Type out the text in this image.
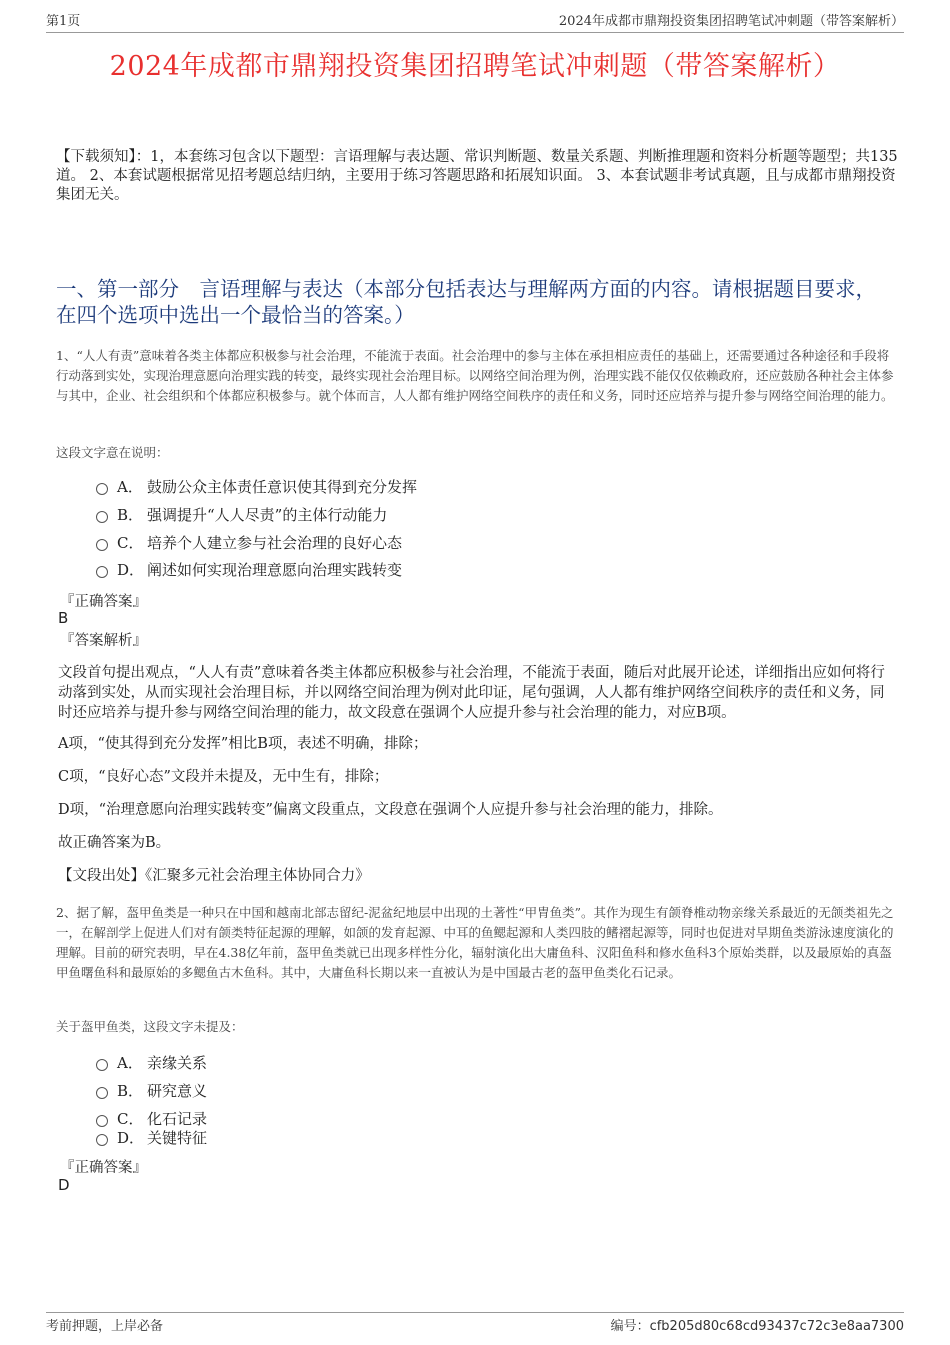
第1页	2024年成都市鼎翔投资集团招聘笔试冲刺题（带答案解析）
2024年成都市鼎翔投资集团招聘笔试冲刺题（带答案解析）
【下载须知】：1，本套练习包含以下题型：言语理解与表达题、常识判断题、数量关系题、判断推理题和资料分析题等题型；共135道。 2、本套试题根据常见招考题总结归纳，主要用于练习答题思路和拓展知识面。 3、本套试题非考试真题，且与成都市鼎翔投资集团无关。
一、第一部分　言语理解与表达（本部分包括表达与理解两方面的内容。请根据题目要求，在四个选项中选出一个最恰当的答案。）
1、“人人有责”意味着各类主体都应积极参与社会治理，不能流于表面。社会治理中的参与主体在承担相应责任的基础上，还需要通过各种途径和手段将行动落到实处，实现治理意愿向治理实践的转变，最终实现社会治理目标。以网络空间治理为例，治理实践不能仅仅依赖政府，还应鼓励各种社会主体参与其中，企业、社会组织和个体都应积极参与。就个体而言，人人都有维护网络空间秩序的责任和义务，同时还应培养与提升参与网络空间治理的能力。
这段文字意在说明：
A． 鼓励公众主体责任意识使其得到充分发挥
B． 强调提升“人人尽责”的主体行动能力
C． 培养个人建立参与社会治理的良好心态
D． 阐述如何实现治理意愿向治理实践转变
『正确答案』
B
『答案解析』
文段首句提出观点，“人人有责”意味着各类主体都应积极参与社会治理，不能流于表面，随后对此展开论述，详细指出应如何将行动落到实处，从而实现社会治理目标，并以网络空间治理为例对此印证，尾句强调，人人都有维护网络空间秩序的责任和义务，同时还应培养与提升参与网络空间治理的能力，故文段意在强调个人应提升参与社会治理的能力，对应B项。
A项，“使其得到充分发挥”相比B项，表述不明确，排除；
C项，“良好心态”文段并未提及，无中生有，排除；
D项，“治理意愿向治理实践转变”偏离文段重点，文段意在强调个人应提升参与社会治理的能力，排除。
故正确答案为B。
【文段出处】《汇聚多元社会治理主体协同合力》
2、据了解，盔甲鱼类是一种只在中国和越南北部志留纪-泥盆纪地层中出现的土著性“甲胄鱼类”。其作为现生有颌脊椎动物亲缘关系最近的无颌类祖先之一，在解剖学上促进人们对有颌类特征起源的理解，如颌的发育起源、中耳的鱼鳃起源和人类四肢的鳍褶起源等，同时也促进对早期鱼类游泳速度演化的理解。目前的研究表明，早在4.38亿年前，盔甲鱼类就已出现多样性分化，辐射演化出大庸鱼科、汉阳鱼科和修水鱼科3个原始类群，以及最原始的真盔甲鱼曙鱼科和最原始的多鳃鱼古木鱼科。其中，大庸鱼科长期以来一直被认为是中国最古老的盔甲鱼类化石记录。
关于盔甲鱼类，这段文字未提及：
A． 亲缘关系
B． 研究意义
C． 化石记录
D． 关键特征
『正确答案』
D
考前押题，上岸必备	编号：cfb205d80c68cd93437c72c3e8aa7300
